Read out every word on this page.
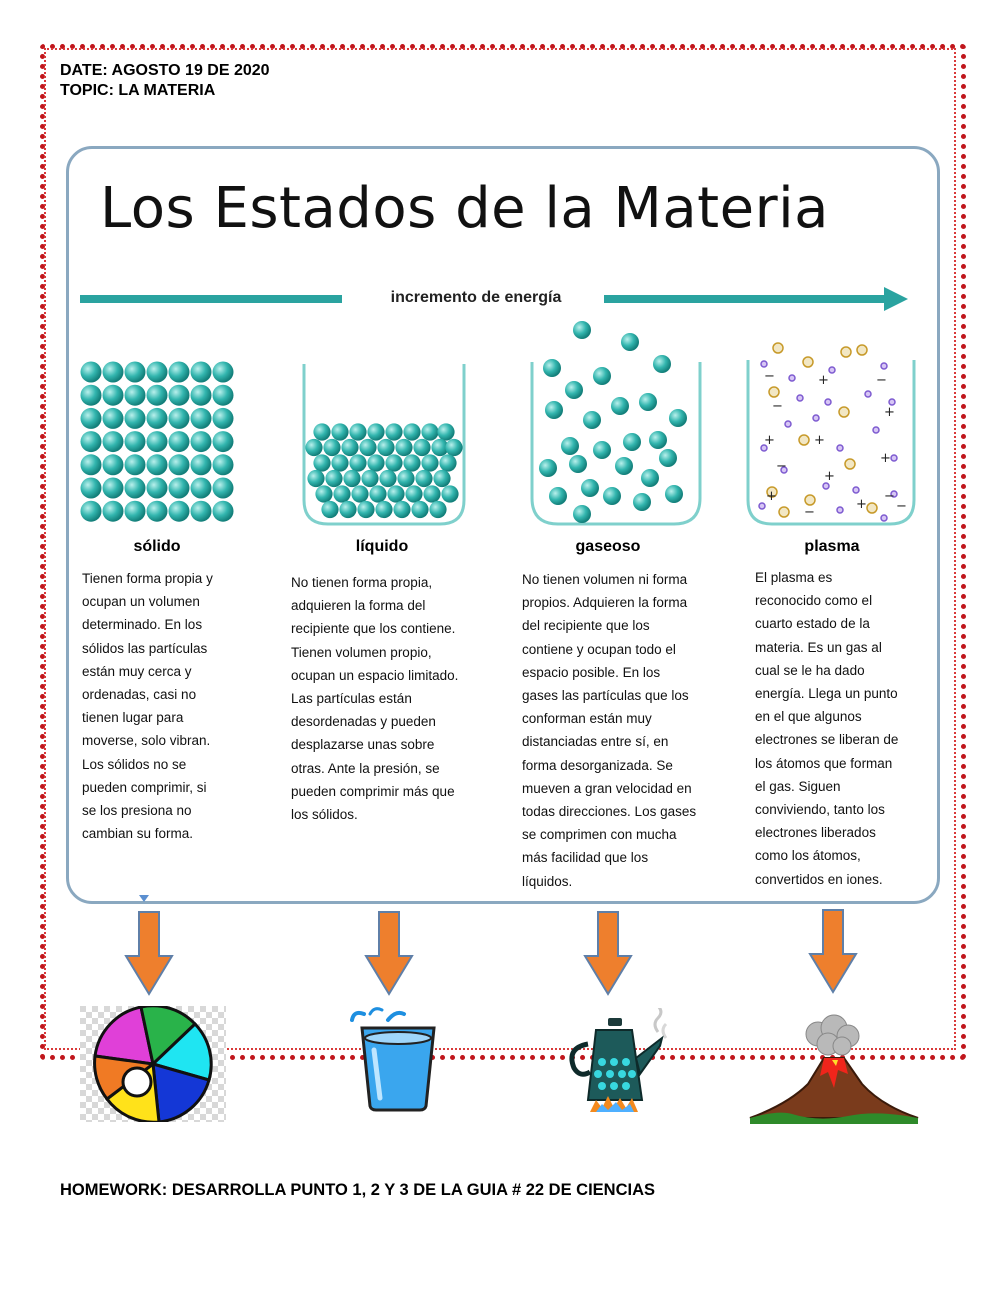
DATE: AGOSTO 19 DE 2020
TOPIC: LA MATERIA
Los Estados de la Materia
incremento de energía
−	+	−
−	+
+	+
+
−
+
+
−
+
−
−
sólido	líquido	gaseoso	plasma
Tienen forma propia y
ocupan un volumen
determinado. En los
sólidos las partículas
están muy cerca y
ordenadas, casi no
tienen lugar para
moverse, solo vibran.
Los sólidos no se
pueden comprimir, si
se los presiona no
cambian su forma.
No tienen forma propia,
adquieren la forma del
recipiente que los contiene.
Tienen volumen propio,
ocupan un espacio limitado.
Las partículas están
desordenadas y pueden
desplazarse unas sobre
otras. Ante la presión, se
pueden comprimir más que
los sólidos.
No tienen volumen ni forma
propios. Adquieren la forma
del recipiente que los
contiene y ocupan todo el
espacio posible. En los
gases las partículas que los
conforman están muy
distanciadas entre sí, en
forma desorganizada. Se
mueven a gran velocidad en
todas direcciones. Los gases
se comprimen con mucha
más facilidad que los
líquidos.
El plasma es
reconocido como el
cuarto estado de la
materia. Es un gas al
cual se le ha dado
energía. Llega un punto
en el que algunos
electrones se liberan de
los átomos que forman
el gas. Siguen
conviviendo, tanto los
electrones liberados
como los átomos,
convertidos en iones.
HOMEWORK: DESARROLLA PUNTO 1, 2 Y 3 DE LA GUIA # 22 DE CIENCIAS
